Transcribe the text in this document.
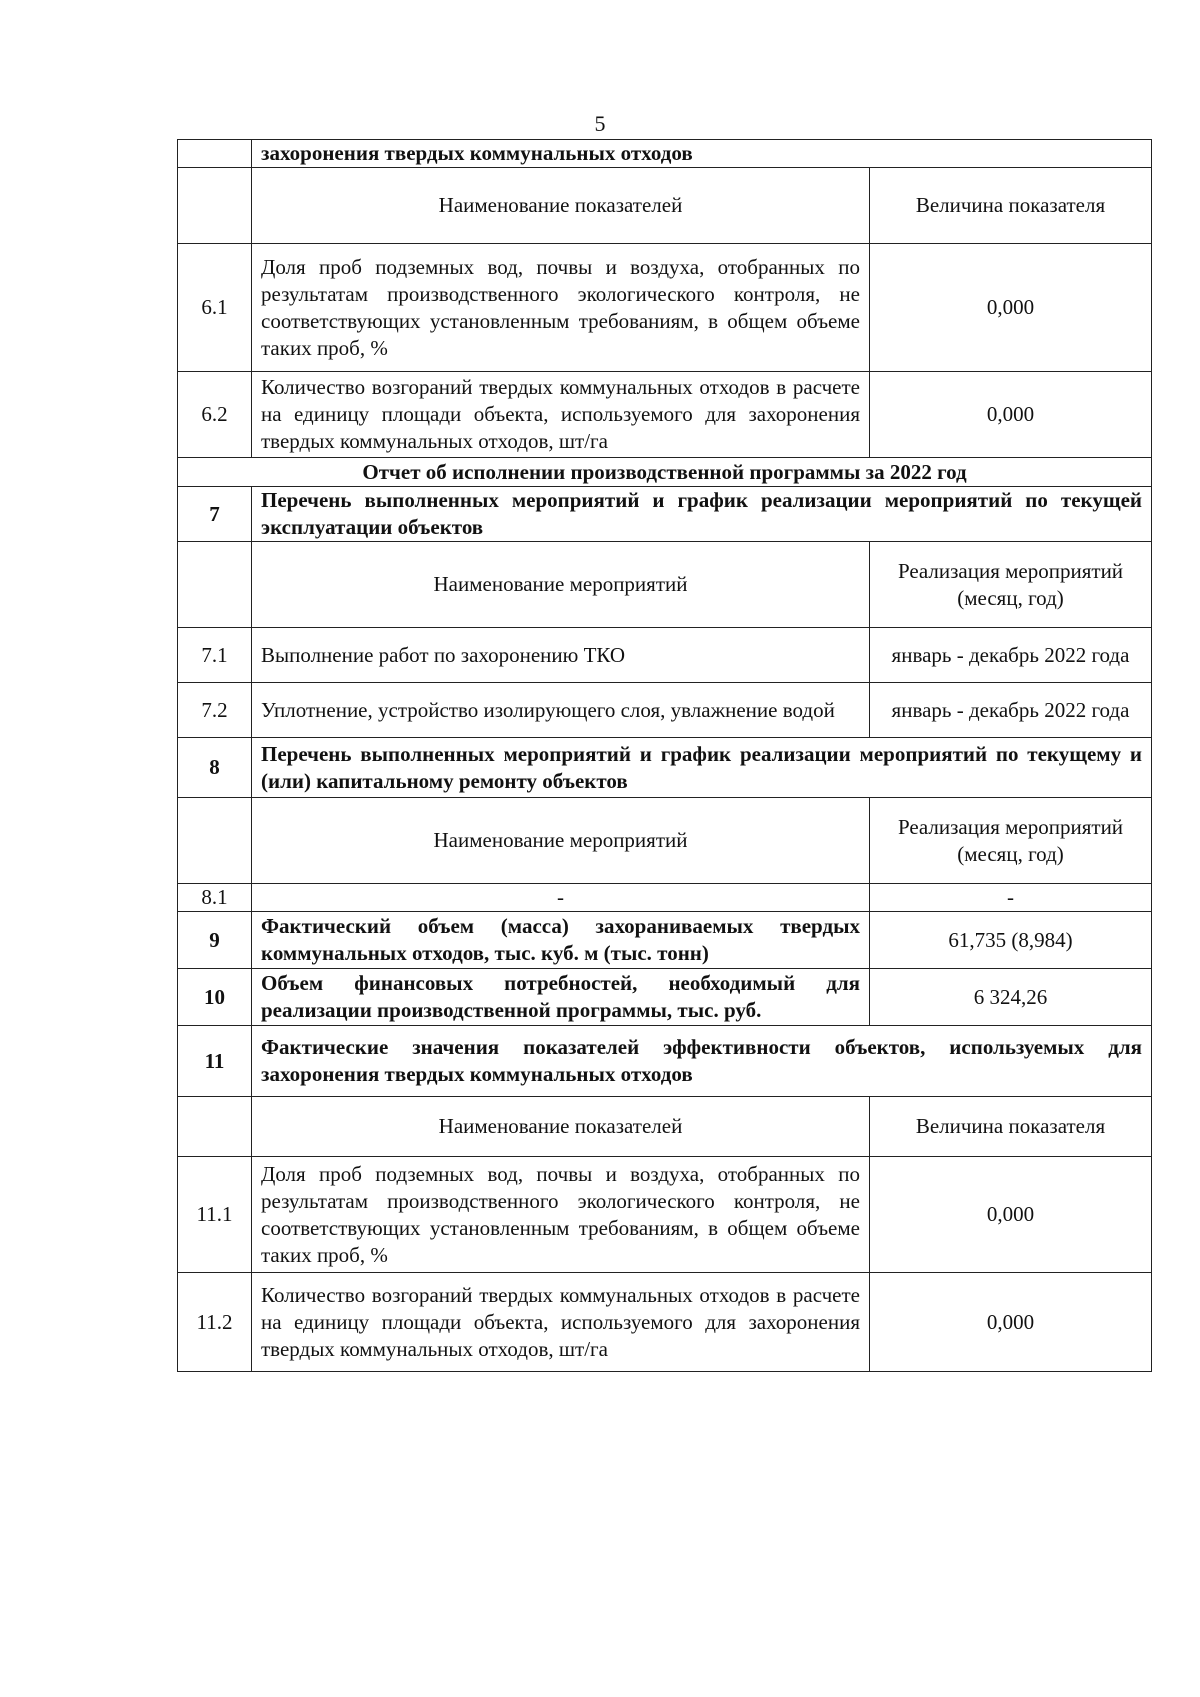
5
	захоронения твердых коммунальных отходов	
	Наименование показателей	Величина показателя
6.1	Доля проб подземных вод, почвы и воздуха, отобранных по результатам производственного экологического контроля, не соответствующих установленным требованиям, в общем объеме таких проб, %	0,000
6.2	Количество возгораний твердых коммунальных отходов в расчете на единицу площади объекта, используемого для захоронения твердых коммунальных отходов, шт/га	0,000
Отчет об исполнении производственной программы за 2022 год		
7	Перечень выполненных мероприятий и график реализации мероприятий по текущей эксплуатации объектов	
	Наименование мероприятий	Реализация мероприятий (месяц, год)
7.1	Выполнение работ по захоронению ТКО	январь - декабрь 2022 года
7.2	Уплотнение, устройство изолирующего слоя, увлажнение водой	январь - декабрь 2022 года
8	Перечень выполненных мероприятий и график реализации мероприятий по текущему и (или) капитальному ремонту объектов	
	Наименование мероприятий	Реализация мероприятий (месяц, год)
8.1	-	-
9	Фактический объем (масса) захораниваемых твердых коммунальных отходов, тыс. куб. м (тыс. тонн)	61,735 (8,984)
10	Объем финансовых потребностей, необходимый для реализации производственной программы, тыс. руб.	6 324,26
11	Фактические значения показателей эффективности объектов, используемых для захоронения твердых коммунальных отходов	
	Наименование показателей	Величина показателя
11.1	Доля проб подземных вод, почвы и воздуха, отобранных по результатам производственного экологического контроля, не соответствующих установленным требованиям, в общем объеме таких проб, %	0,000
11.2	Количество возгораний твердых коммунальных отходов в расчете на единицу площади объекта, используемого для захоронения твердых коммунальных отходов, шт/га	0,000
